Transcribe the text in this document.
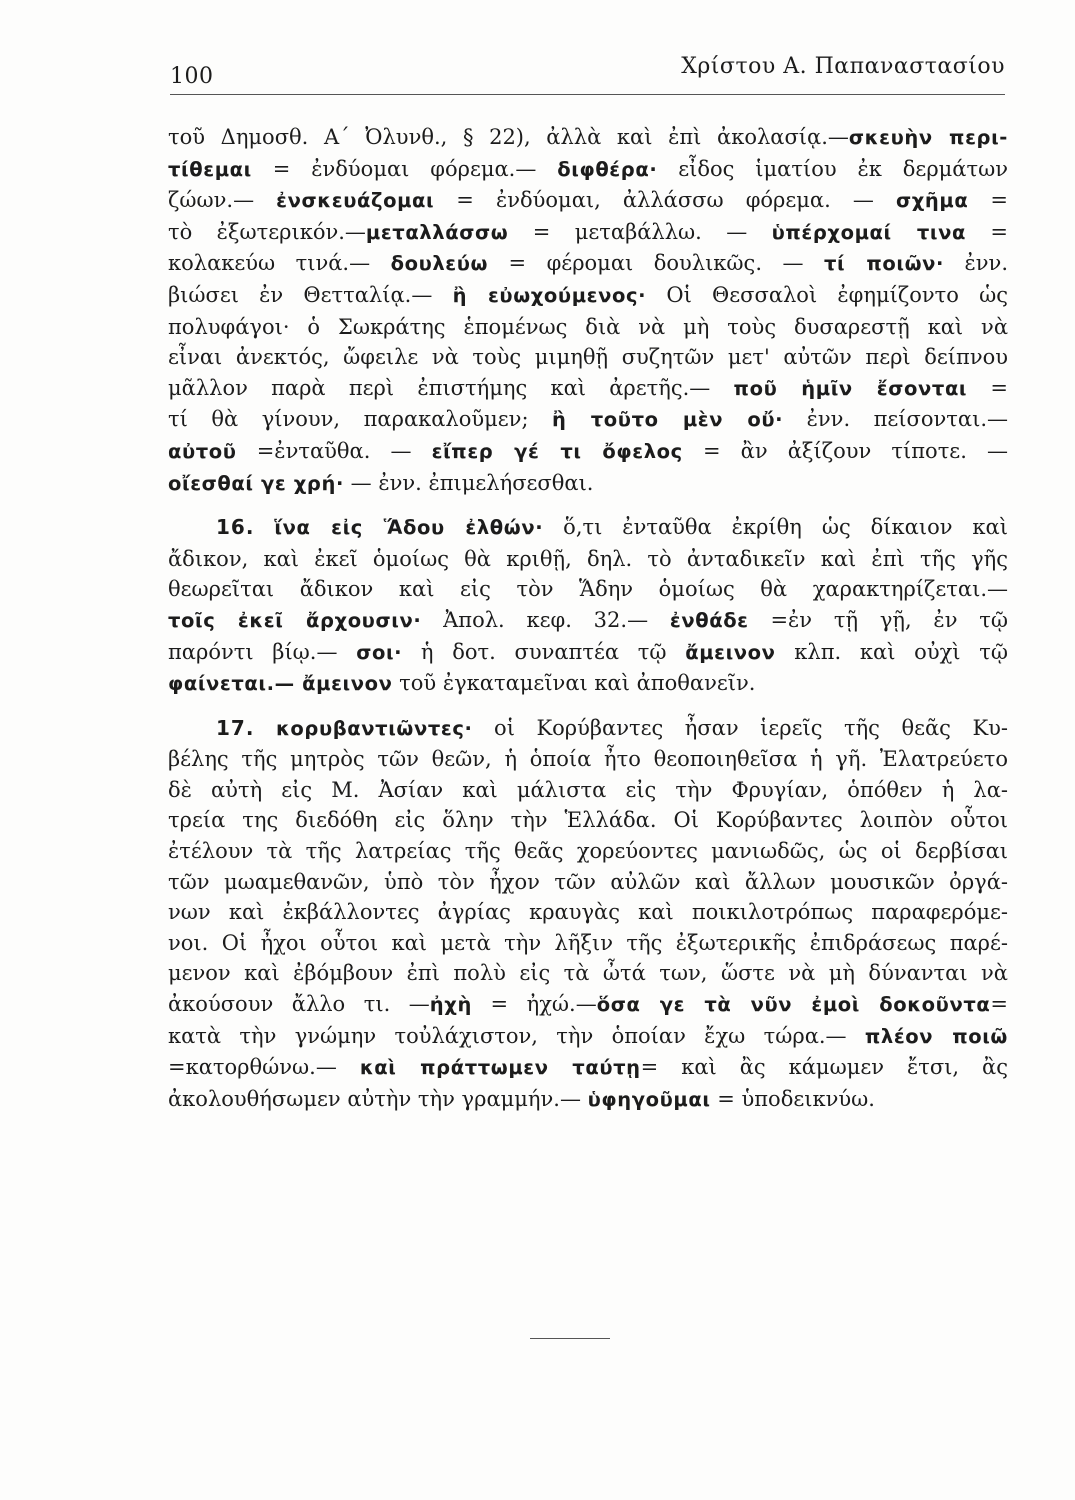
100	Χρίστου Α. Παπαναστασίου

τοῦ Δημοσθ. Α΄ Ὀλυνθ., § 22), ἀλλὰ καὶ ἐπὶ ἀκολασίᾳ.—σκευὴν περι-
τίθεμαι = ἐνδύομαι φόρεμα.— διφθέρα· εἶδος ἱματίου ἐκ δερμάτων
ζώων.— ἐνσκευάζομαι = ἐνδύομαι, ἀλλάσσω φόρεμα. — σχῆμα =
τὸ ἐξωτερικόν.—μεταλλάσσω = μεταβάλλω. — ὑπέρχομαί τινα =
κολακεύω τινά.— δουλεύω = φέρομαι δουλικῶς. — τί ποιῶν· ἐνν.
βιώσει ἐν Θετταλίᾳ.— ἢ εὐωχούμενος· Οἱ Θεσσαλοὶ ἐφημίζοντο ὡς
πολυφάγοι· ὁ Σωκράτης ἑπομένως διὰ νὰ μὴ τοὺς δυσαρεστῇ καὶ νὰ
εἶναι ἀνεκτός, ὤφειλε νὰ τοὺς μιμηθῇ συζητῶν μετ' αὐτῶν περὶ δείπνου
μᾶλλον παρὰ περὶ ἐπιστήμης καὶ ἀρετῆς.— ποῦ ἡμῖν ἔσονται =
τί θὰ γίνουν, παρακαλοῦμεν; ἢ τοῦτο μὲν οὔ· ἐνν. πείσονται.—
αὐτοῦ =ἐνταῦθα. — εἴπερ γέ τι ὄφελος = ἂν ἀξίζουν τίποτε. —
οἴεσθαί γε χρή· — ἐνν. ἐπιμελήσεσθαι.

16. ἵνα εἰς Ἅδου ἐλθών· ὅ,τι ἐνταῦθα ἐκρίθη ὡς δίκαιον καὶ
ἄδικον, καὶ ἐκεῖ ὁμοίως θὰ κριθῇ, δηλ. τὸ ἀνταδικεῖν καὶ ἐπὶ τῆς γῆς
θεωρεῖται ἄδικον καὶ εἰς τὸν Ἅδην ὁμοίως θὰ χαρακτηρίζεται.—
τοῖς ἐκεῖ ἄρχουσιν· Ἀπολ. κεφ. 32.— ἐνθάδε =ἐν τῇ γῇ, ἐν τῷ
παρόντι βίῳ.— σοι· ἡ δοτ. συναπτέα τῷ ἄμεινον κλπ. καὶ οὐχὶ τῷ
φαίνεται.— ἄμεινον τοῦ ἐγκαταμεῖναι καὶ ἀποθανεῖν.

17. κορυβαντιῶντες· οἱ Κορύβαντες ἦσαν ἱερεῖς τῆς θεᾶς Κυ-
βέλης τῆς μητρὸς τῶν θεῶν, ἡ ὁποία ἦτο θεοποιηθεῖσα ἡ γῆ. Ἐλατρεύετο
δὲ αὐτὴ εἰς Μ. Ἀσίαν καὶ μάλιστα εἰς τὴν Φρυγίαν, ὁπόθεν ἡ λα-
τρεία της διεδόθη εἰς ὅλην τὴν Ἑλλάδα. Οἱ Κορύβαντες λοιπὸν οὗτοι
ἐτέλουν τὰ τῆς λατρείας τῆς θεᾶς χορεύοντες μανιωδῶς, ὡς οἱ δερβίσαι
τῶν μωαμεθανῶν, ὑπὸ τὸν ἦχον τῶν αὐλῶν καὶ ἄλλων μουσικῶν ὀργά-
νων καὶ ἐκβάλλοντες ἀγρίας κραυγὰς καὶ ποικιλοτρόπως παραφερόμε-
νοι. Οἱ ἦχοι οὗτοι καὶ μετὰ τὴν λῆξιν τῆς ἐξωτερικῆς ἐπιδράσεως παρέ-
μενον καὶ ἐβόμβουν ἐπὶ πολὺ εἰς τὰ ὦτά των, ὥστε νὰ μὴ δύνανται νὰ
ἀκούσουν ἄλλο τι. —ἠχὴ = ἠχώ.—ὅσα γε τὰ νῦν ἐμοὶ δοκοῦντα=
κατὰ τὴν γνώμην τοὐλάχιστον, τὴν ὁποίαν ἔχω τώρα.— πλέον ποιῶ
=κατορθώνω.— καὶ πράττωμεν ταύτῃ= καὶ ἂς κάμωμεν ἔτσι, ἂς
ἀκολουθήσωμεν αὐτὴν τὴν γραμμήν.— ὑφηγοῦμαι = ὑποδεικνύω.
